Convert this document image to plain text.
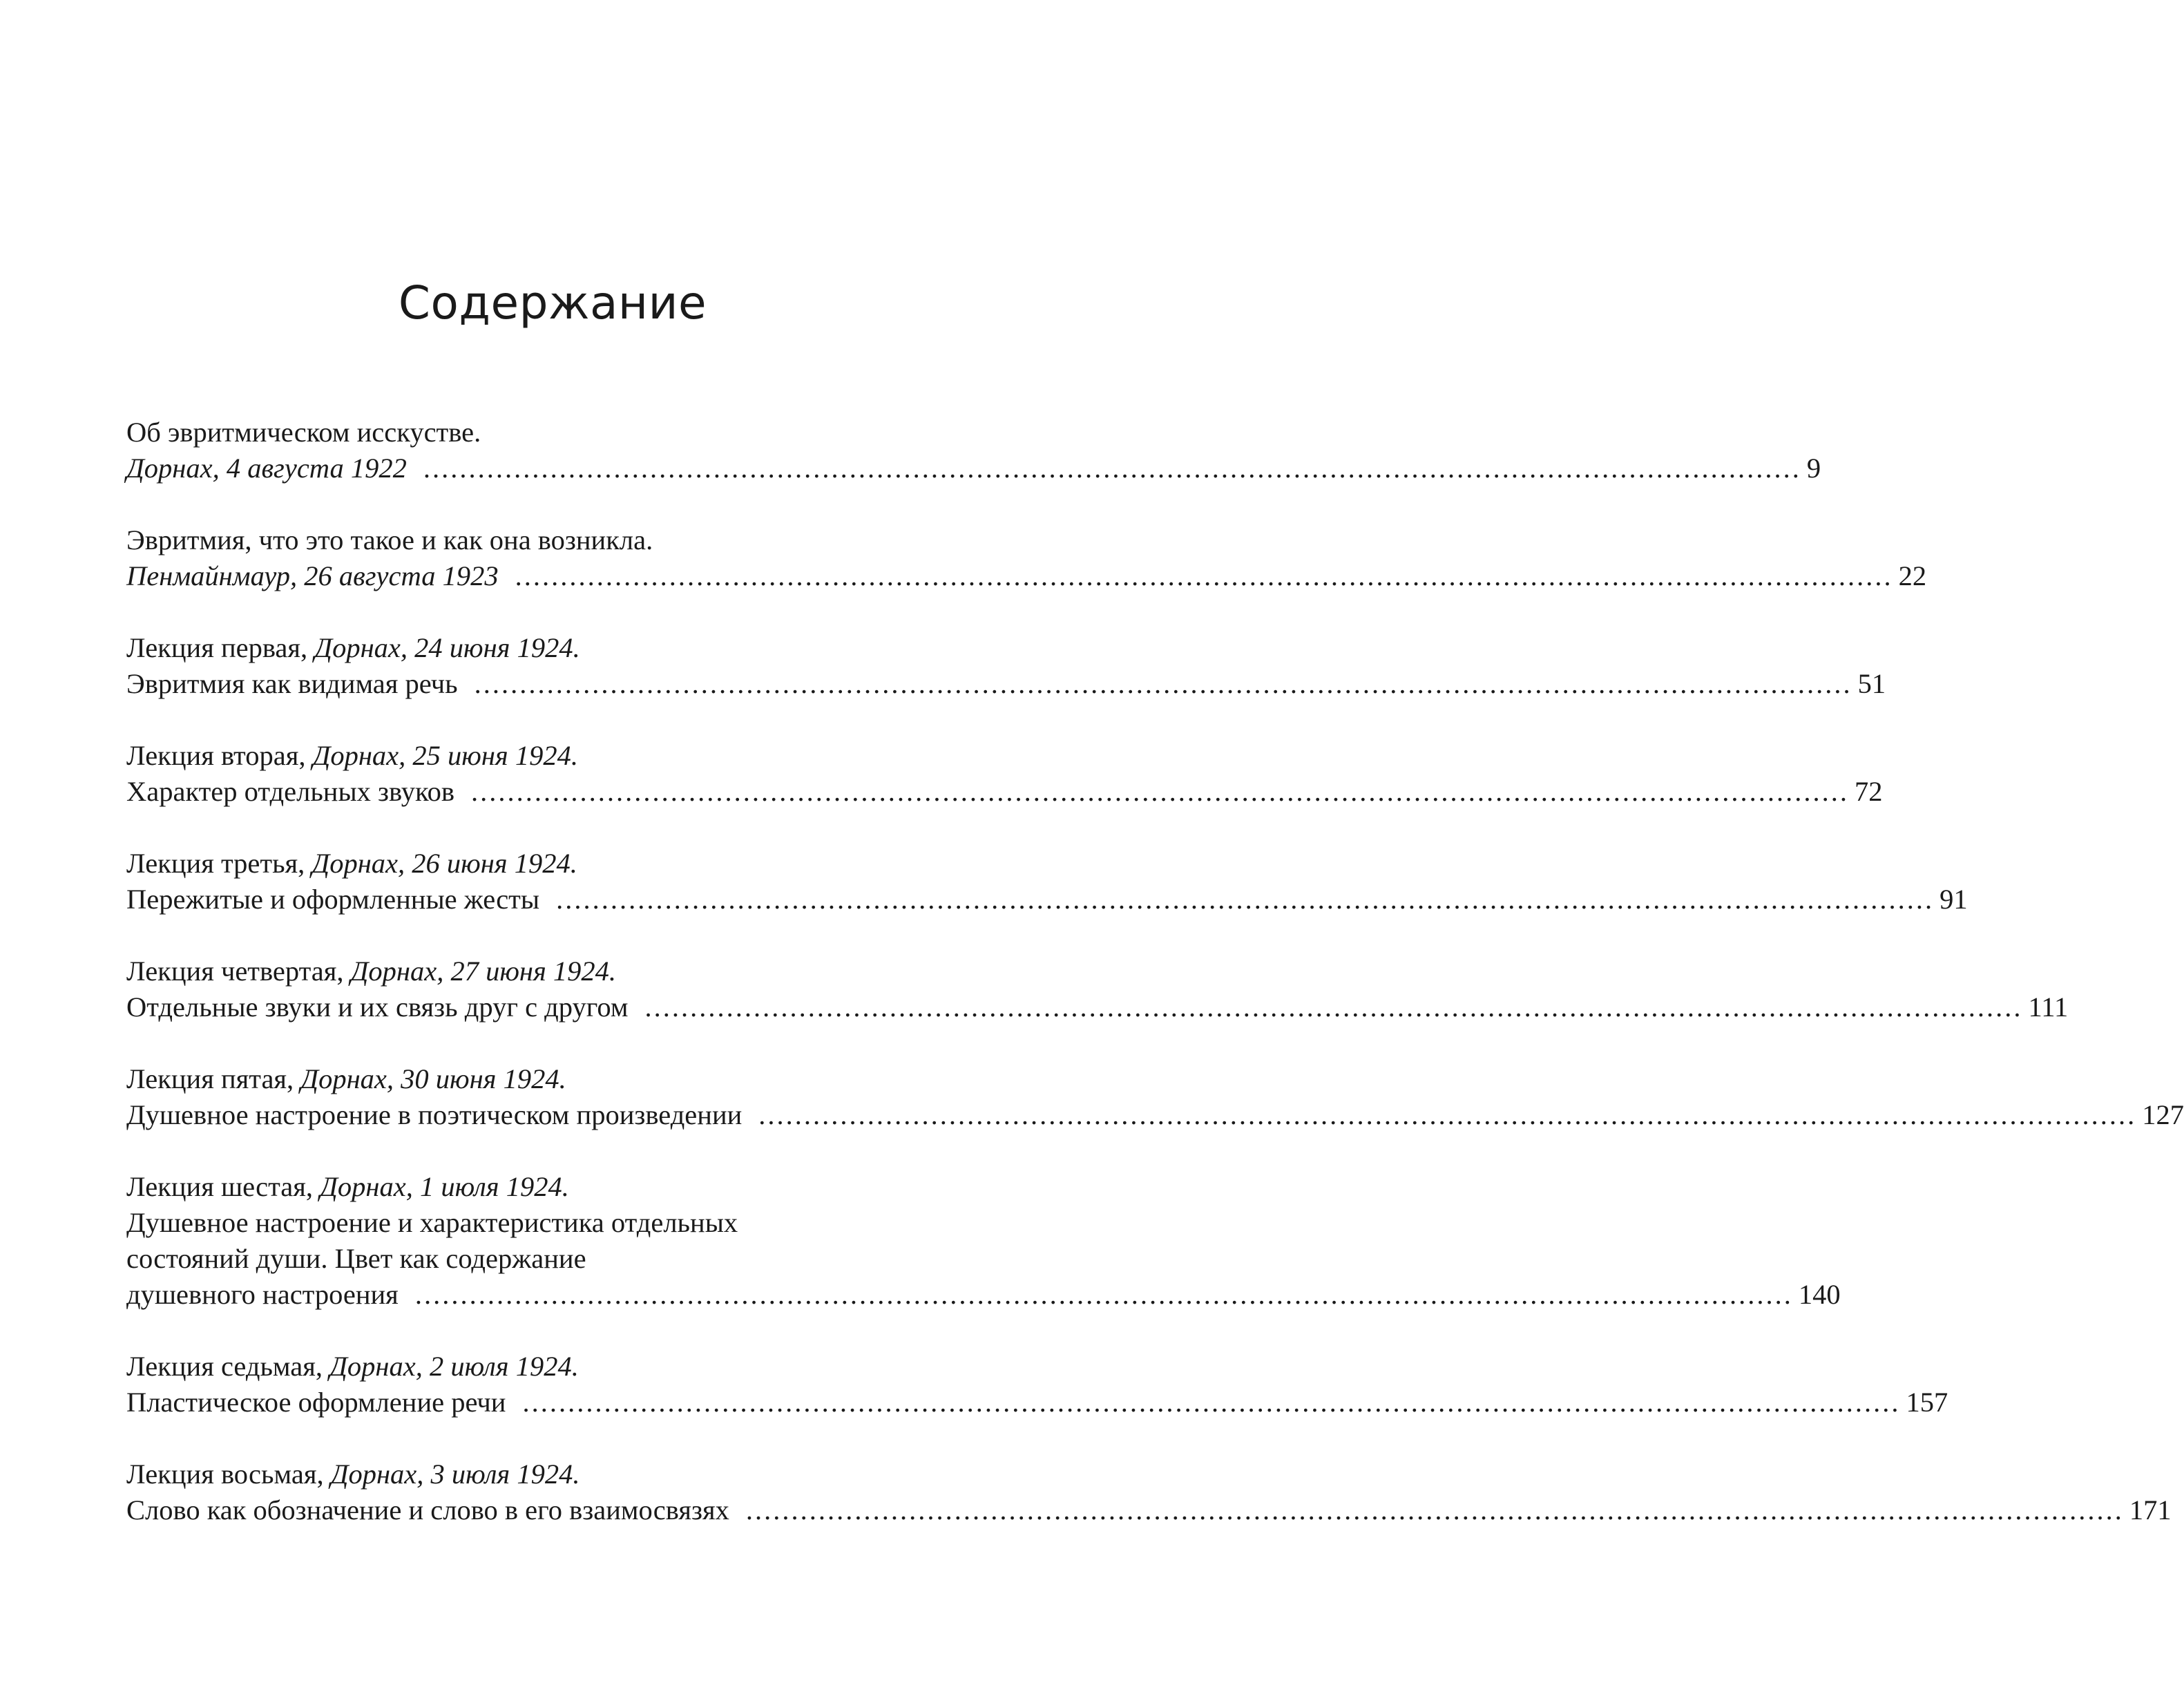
Содержание
Об эвритмическом исскустве.
Дорнах, 4 августа 1922 ........................................................................................................................................................ 9
Эвритмия, что это такое и как она возникла.
Пенмайнмаур, 26 августа 1923 ........................................................................................................................................................ 22
Лекция первая, Дорнах, 24 июня 1924.
Эвритмия как видимая речь ........................................................................................................................................................ 51
Лекция вторая, Дорнах, 25 июня 1924.
Характер отдельных звуков ........................................................................................................................................................ 72
Лекция третья, Дорнах, 26 июня 1924.
Пережитые и оформленные жесты ........................................................................................................................................................ 91
Лекция четвертая, Дорнах, 27 июня 1924.
Отдельные звуки и их связь друг с другом ........................................................................................................................................................ 111
Лекция пятая, Дорнах, 30 июня 1924.
Душевное настроение в поэтическом произведении ........................................................................................................................................................ 127
Лекция шестая, Дорнах, 1 июля 1924.
Душевное настроение и характеристика отдельных
состояний души. Цвет как содержание
душевного настроения ........................................................................................................................................................ 140
Лекция седьмая, Дорнах, 2 июля 1924.
Пластическое оформление речи ........................................................................................................................................................ 157
Лекция восьмая, Дорнах, 3 июля 1924.
Слово как обозначение и слово в его взаимосвязях ........................................................................................................................................................ 171
